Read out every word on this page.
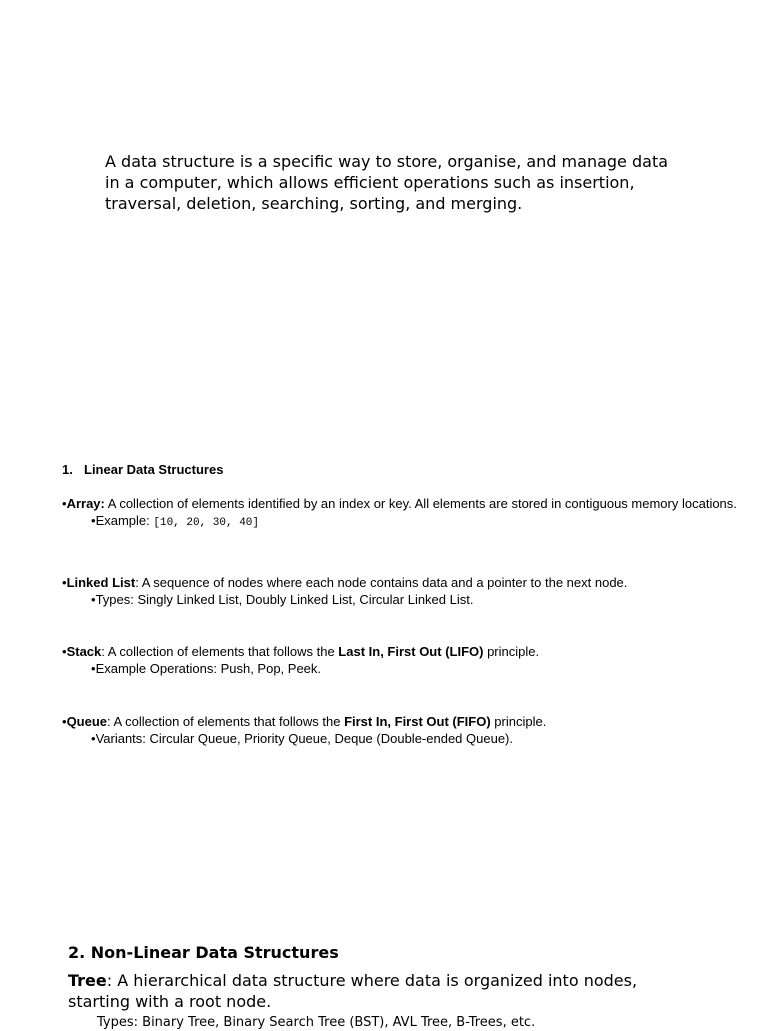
A data structure is a specific way to store, organise, and manage data in a computer, which allows efficient operations such as insertion, traversal, deletion, searching, sorting, and merging.

1. Linear Data Structures

•Array: A collection of elements identified by an index or key. All elements are stored in contiguous memory locations.
•Example: [10, 20, 30, 40]

•Linked List: A sequence of nodes where each node contains data and a pointer to the next node.
•Types: Singly Linked List, Doubly Linked List, Circular Linked List.

•Stack: A collection of elements that follows the Last In, First Out (LIFO) principle.
•Example Operations: Push, Pop, Peek.

•Queue: A collection of elements that follows the First In, First Out (FIFO) principle.
•Variants: Circular Queue, Priority Queue, Deque (Double-ended Queue).

2. Non-Linear Data Structures

Tree: A hierarchical data structure where data is organized into nodes, starting with a root node.

Types: Binary Tree, Binary Search Tree (BST), AVL Tree, B-Trees, etc.
